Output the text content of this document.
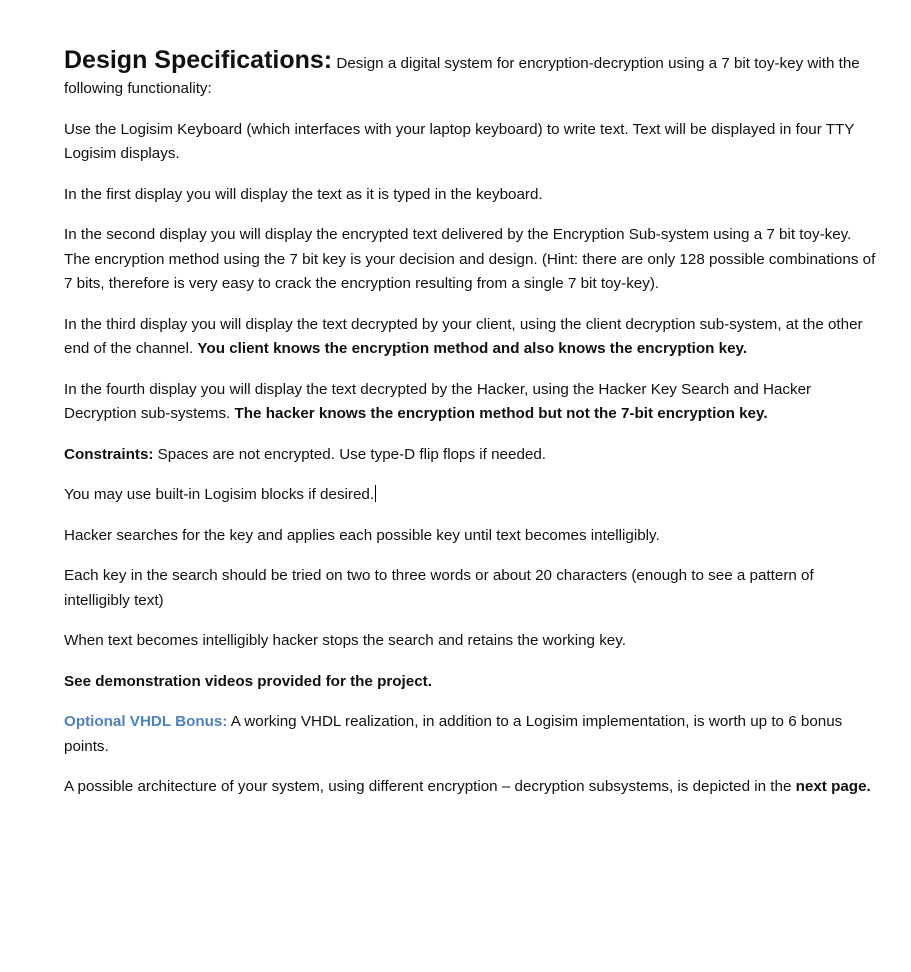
Design Specifications: Design a digital system for encryption-decryption using a 7 bit toy-key with the following functionality:

Use the Logisim Keyboard (which interfaces with your laptop keyboard) to write text. Text will be displayed in four TTY Logisim displays.

In the first display you will display the text as it is typed in the keyboard.

In the second display you will display the encrypted text delivered by the Encryption Sub-system using a 7 bit toy-key. The encryption method using the 7 bit key is your decision and design. (Hint: there are only 128 possible combinations of 7 bits, therefore is very easy to crack the encryption resulting from a single 7 bit toy-key).

In the third display you will display the text decrypted by your client, using the client decryption sub-system, at the other end of the channel. You client knows the encryption method and also knows the encryption key.

In the fourth display you will display the text decrypted by the Hacker, using the Hacker Key Search and Hacker Decryption sub-systems. The hacker knows the encryption method but not the 7-bit encryption key.

Constraints: Spaces are not encrypted. Use type-D flip flops if needed.

You may use built-in Logisim blocks if desired.

Hacker searches for the key and applies each possible key until text becomes intelligibly.

Each key in the search should be tried on two to three words or about 20 characters (enough to see a pattern of intelligibly text)

When text becomes intelligibly hacker stops the search and retains the working key.

See demonstration videos provided for the project.

Optional VHDL Bonus: A working VHDL realization, in addition to a Logisim implementation, is worth up to 6 bonus points.

A possible architecture of your system, using different encryption – decryption subsystems, is depicted in the next page.
